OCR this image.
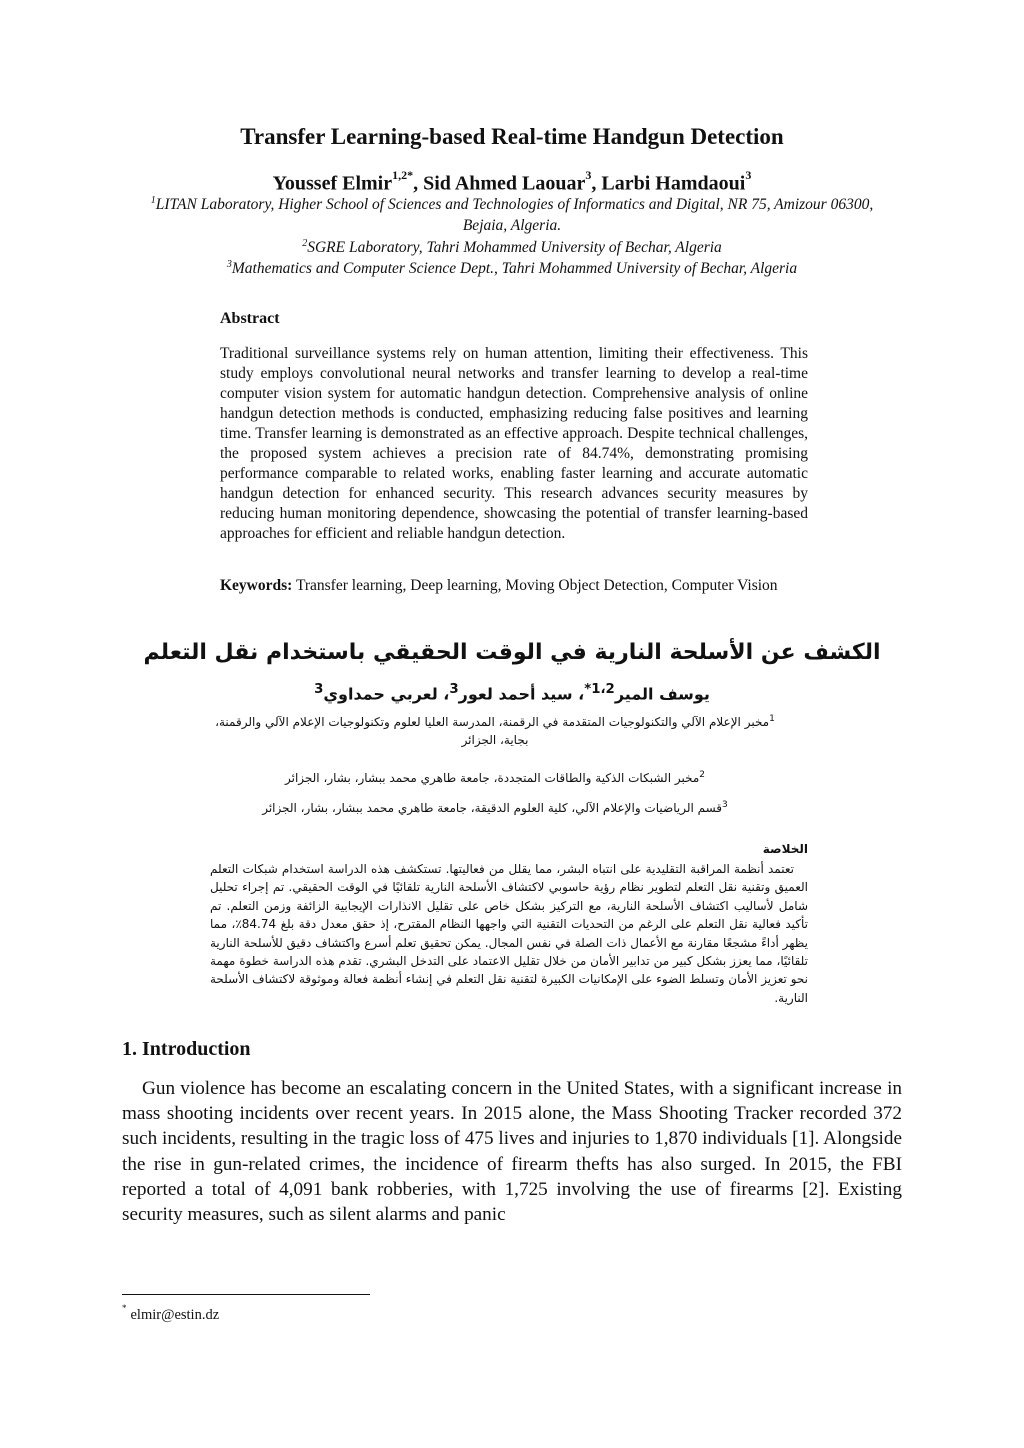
Transfer Learning-based Real-time Handgun Detection
Youssef Elmir$^{1,2*}$, Sid Ahmed Laouar$^3$, Larbi Hamdaoui$^3$
$^1$LITAN Laboratory, Higher School of Sciences and Technologies of Informatics and Digital, NR 75, Amizour 06300, Bejaia, Algeria.
$^2$SGRE Laboratory, Tahri Mohammed University of Bechar, Algeria
$^3$Mathematics and Computer Science Dept., Tahri Mohammed University of Bechar, Algeria
Abstract

Traditional surveillance systems rely on human attention, limiting their effectiveness. This study employs convolutional neural networks and transfer learning to develop a real-time computer vision system for automatic handgun detection. Comprehensive analysis of online handgun detection methods is conducted, emphasizing reducing false positives and learning time. Transfer learning is demonstrated as an effective approach. Despite technical challenges, the proposed system achieves a precision rate of 84.74%, demonstrating promising performance comparable to related works, enabling faster learning and accurate automatic handgun detection for enhanced security. This research advances security measures by reducing human monitoring dependence, showcasing the potential of transfer learning-based approaches for efficient and reliable handgun detection.

Keywords: Transfer learning, Deep learning, Moving Object Detection, Computer Vision

الكشف عن الأسلحة النارية في الوقت الحقيقي باستخدام نقل التعلم
يوسف المير$^{1،2*}$، سيد أحمد لعور$^3$، لعربي حمداوي$^3$
$^1$مخبر الإعلام الآلي والتكنولوجيات المتقدمة في الرقمنة، المدرسة العليا لعلوم وتكنولوجيات الإعلام الآلي والرقمنة، بجاية، الجزائر
$^2$مخبر الشبكات الذكية والطاقات المتجددة، جامعة طاهري محمد ببشار، بشار، الجزائر
$^3$قسم الرياضيات والإعلام الآلي، كلية العلوم الدقيقة، جامعة طاهري محمد ببشار، بشار، الجزائر
الخلاصة

تعتمد أنظمة المراقبة التقليدية على انتباه البشر، مما يقلل من فعاليتها. تستكشف هذه الدراسة استخدام شبكات التعلم العميق وتقنية نقل التعلم لتطوير نظام رؤية حاسوبي لاكتشاف الأسلحة النارية تلقائيًا في الوقت الحقيقي. تم إجراء تحليل شامل لأساليب اكتشاف الأسلحة النارية، مع التركيز بشكل خاص على تقليل الانذارات الإيجابية الزائفة وزمن التعلم. تم تأكيد فعالية نقل التعلم على الرغم من التحديات التقنية التي واجهها النظام المقترح، إذ حقق معدل دقة بلغ 84.74٪، مما يظهر أداءً مشجعًا مقارنة مع الأعمال ذات الصلة في نفس المجال. يمكن تحقيق تعلم أسرع واكتشاف دقيق للأسلحة النارية تلقائيًا، مما يعزز بشكل كبير من تدابير الأمان من خلال تقليل الاعتماد على التدخل البشري. تقدم هذه الدراسة خطوة مهمة نحو تعزيز الأمان وتسلط الضوء على الإمكانيات الكبيرة لتقنية نقل التعلم في إنشاء أنظمة فعالة وموثوقة لاكتشاف الأسلحة النارية.

1. Introduction

Gun violence has become an escalating concern in the United States, with a significant increase in mass shooting incidents over recent years. In 2015 alone, the Mass Shooting Tracker recorded 372 such incidents, resulting in the tragic loss of 475 lives and injuries to 1,870 individuals [1]. Alongside the rise in gun-related crimes, the incidence of firearm thefts has also surged. In 2015, the FBI reported a total of 4,091 bank robberies, with 1,725 involving the use of firearms [2]. Existing security measures, such as silent alarms and panic

* elmir@estin.dz
